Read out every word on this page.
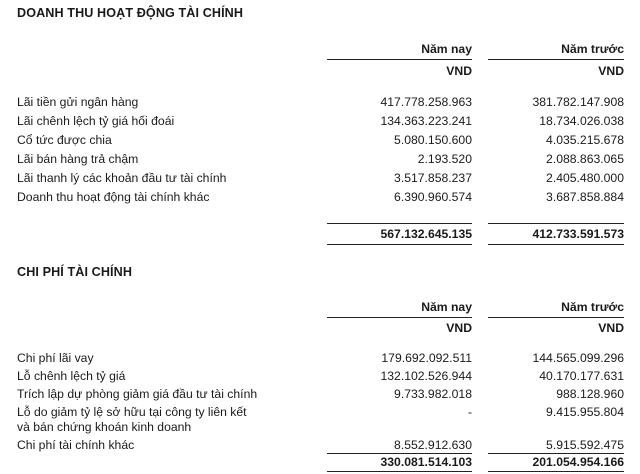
DOANH THU HOẠT ĐỘNG TÀI CHÍNH
Năm nay	Năm trước
VND	VND
Lãi tiền gửi ngân hàng	417.778.258.963	381.782.147.908
Lãi chênh lệch tỷ giá hối đoái	134.363.223.241	18.734.026.038
Cổ tức được chia	5.080.150.600	4.035.215.678
Lãi bán hàng trả chậm	2.193.520	2.088.863.065
Lãi thanh lý các khoản đầu tư tài chính	3.517.858.237	2.405.480.000
Doanh thu hoạt động tài chính khác	6.390.960.574	3.687.858.884
567.132.645.135	412.733.591.573
CHI PHÍ TÀI CHÍNH
Năm nay	Năm trước
VND	VND
Chi phí lãi vay	179.692.092.511	144.565.099.296
Lỗ chênh lệch tỷ giá	132.102.526.944	40.170.177.631
Trích lập dự phòng giảm giá đầu tư tài chính	9.733.982.018	988.128.960
Lỗ do giảm tỷ lệ sở hữu tại công ty liên kết
và bán chứng khoán kinh doanh
-	9.415.955.804
Chi phí tài chính khác	8.552.912.630	5.915.592.475
330.081.514.103	201.054.954.166
